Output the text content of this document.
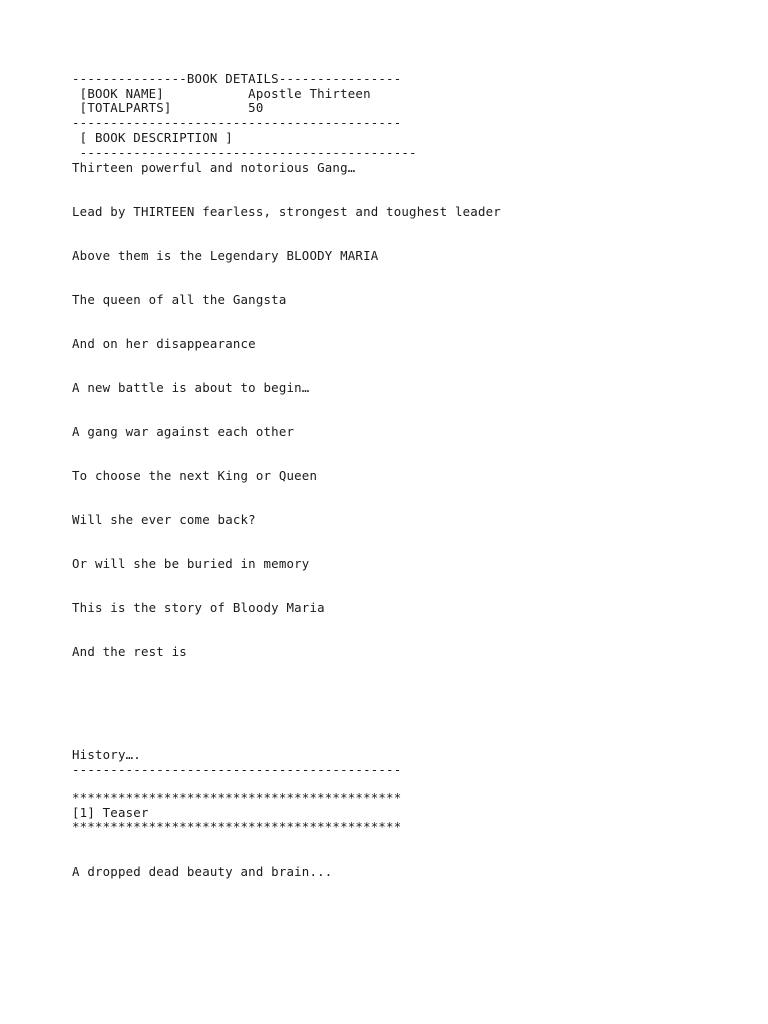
---------------BOOK DETAILS----------------
[BOOK NAME]           Apostle Thirteen
[TOTALPARTS]          50
-------------------------------------------
[ BOOK DESCRIPTION ]
--------------------------------------------
Thirteen powerful and notorious Gang…
Lead by THIRTEEN fearless, strongest and toughest leader
Above them is the Legendary BLOODY MARIA
The queen of all the Gangsta
And on her disappearance
A new battle is about to begin…
A gang war against each other
To choose the next King or Queen
Will she ever come back?
Or will she be buried in memory
This is the story of Bloody Maria
And the rest is
History….
-------------------------------------------
*******************************************
[1] Teaser
*******************************************
A dropped dead beauty and brain...
